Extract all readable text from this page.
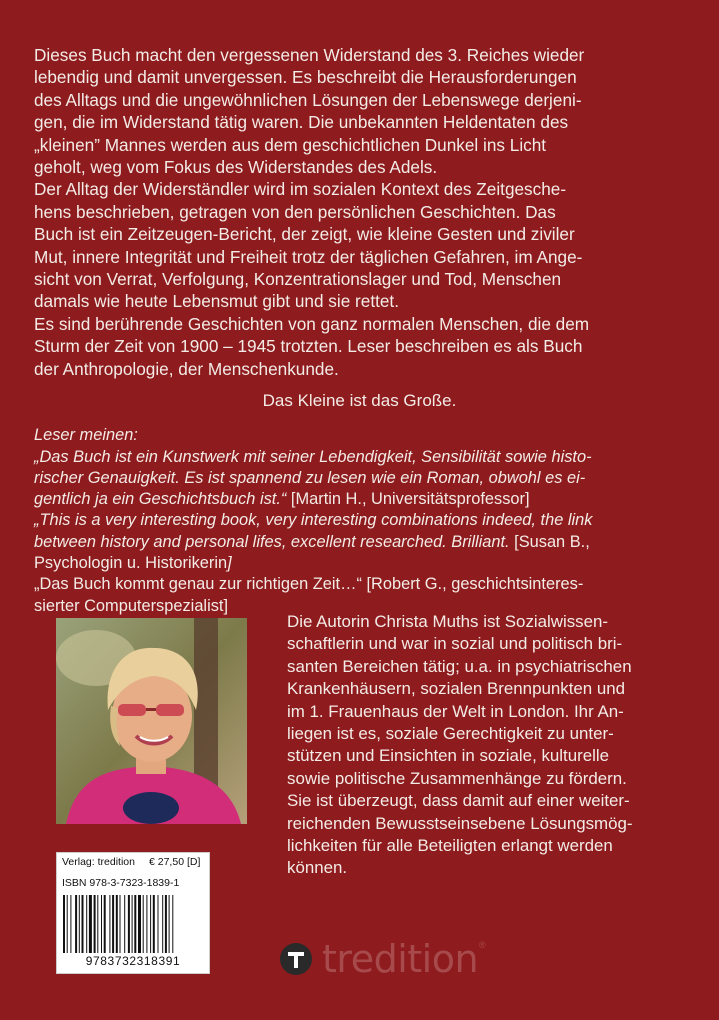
Dieses Buch macht den vergessenen Widerstand des 3. Reiches wieder

lebendig und damit unvergessen. Es beschreibt die Herausforderungen

des Alltags und die ungewöhnlichen Lösungen der Lebenswege derjeni-

gen, die im Widerstand tätig waren. Die unbekannten Heldentaten des

„kleinen” Mannes werden aus dem geschichtlichen Dunkel ins Licht

geholt, weg vom Fokus des Widerstandes des Adels.

Der Alltag der Widerständler wird im sozialen Kontext des Zeitgesche-

hens beschrieben, getragen von den persönlichen Geschichten. Das

Buch ist ein Zeitzeugen-Bericht, der zeigt, wie kleine Gesten und ziviler

Mut, innere Integrität und Freiheit trotz der täglichen Gefahren, im Ange-

sicht von Verrat, Verfolgung, Konzentrationslager und Tod, Menschen

damals wie heute Lebensmut gibt und sie rettet.

Es sind berührende Geschichten von ganz normalen Menschen, die dem

Sturm der Zeit von 1900 – 1945 trotzten. Leser beschreiben es als Buch

der Anthropologie, der Menschenkunde.

Das Kleine ist das Große.

Leser meinen:

„Das Buch ist ein Kunstwerk mit seiner Lebendigkeit, Sensibilität sowie histo-

rischer Genauigkeit. Es ist spannend zu lesen wie ein Roman, obwohl es ei-

gentlich ja ein Geschichtsbuch ist.“ [Martin H., Universitätsprofessor]

„This is a very interesting book, very interesting combinations indeed, the link

between history and personal lifes, excellent researched. Brilliant. [Susan B.,

Psychologin u. Historikerin]

„Das Buch kommt genau zur richtigen Zeit…“ [Robert G., geschichtsinteres-

sierter Computerspezialist]

Die Autorin Christa Muths ist Sozialwissen-
schaftlerin und war in sozial und politisch bri-
santen Bereichen tätig; u.a. in psychiatrischen
Krankenhäusern, sozialen Brennpunkten und
im 1. Frauenhaus der Welt in London. Ihr An-
liegen ist es, soziale Gerechtigkeit zu unter-
stützen und Einsichten in soziale, kulturelle
sowie politische Zusammenhänge zu fördern.
Sie ist überzeugt, dass damit auf einer weiter-
reichenden Bewusstseinsebene Lösungsmög-
lichkeiten für alle Beteiligten erlangt werden
können.
Verlag: tredition € 27,50 [D]
ISBN 978-3-7323-1839-1
9783732318391	tredition ®
